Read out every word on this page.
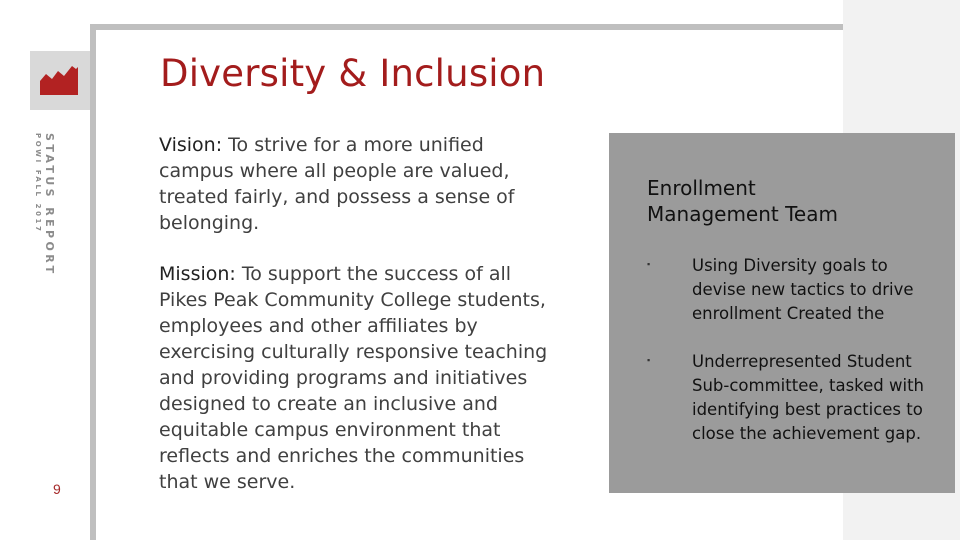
STATUS REPORT
POWI FALL 2017
9
Diversity & Inclusion
Vision: To strive for a more unified campus where all people are valued, treated fairly, and possess a sense of belonging.
Mission: To support the success of all Pikes Peak Community College students, employees and other affiliates by exercising culturally responsive teaching and providing programs and initiatives designed to create an inclusive and equitable campus environment that reflects and enriches the communities that we serve.
Enrollment Management Team
▪	Using Diversity goals to devise new tactics to drive enrollment Created the
▪	Underrepresented Student Sub-committee, tasked with identifying best practices to close the achievement gap.
